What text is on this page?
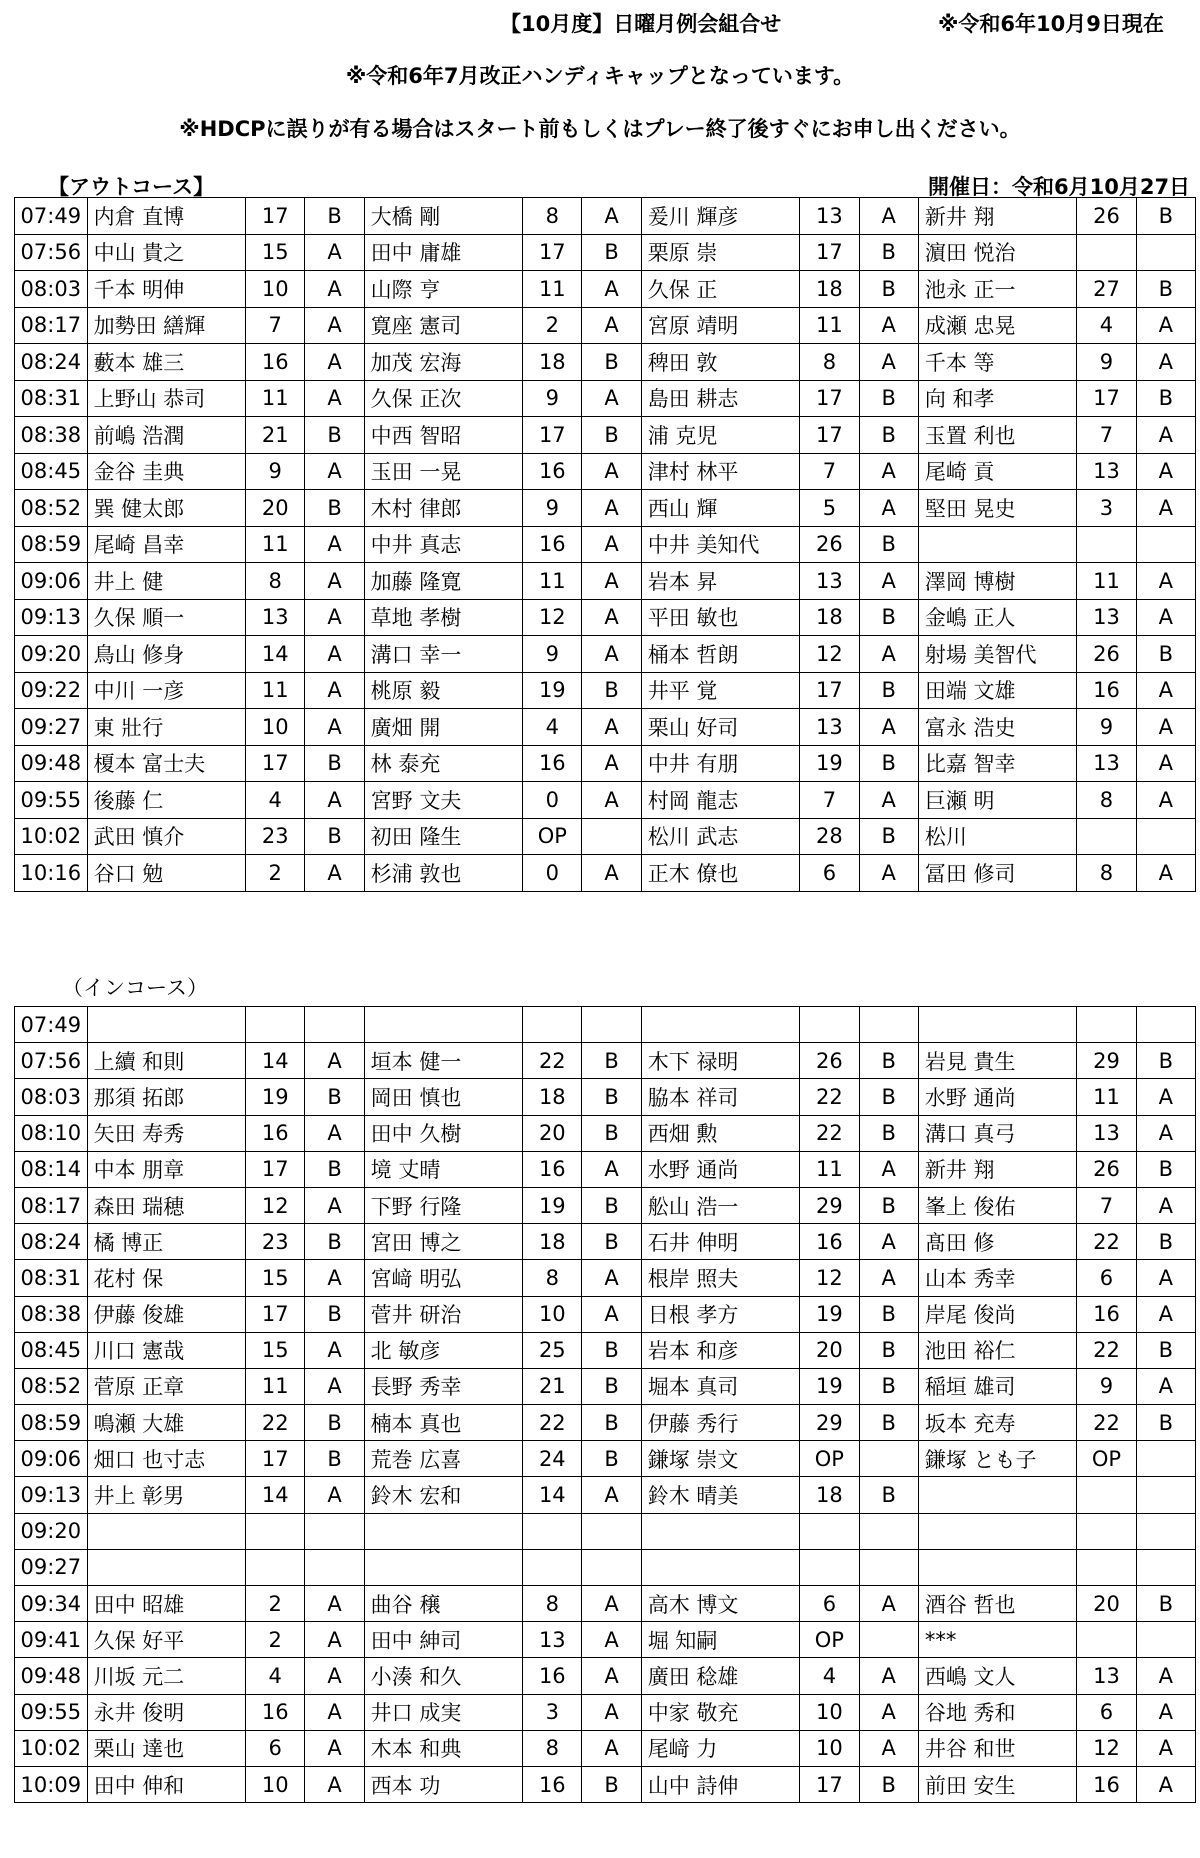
【10月度】日曜月例会組合せ	※令和6年10月9日現在
※令和6年7月改正ハンディキャップとなっています。
※HDCPに誤りが有る場合はスタート前もしくはプレー終了後すぐにお申し出ください。
【アウトコース】	開催日：令和6月10月27日
07:49	内倉 直博	17	B	大橋 剛	8	A	爰川 輝彦	13	A	新井 翔	26	B
07:56	中山 貴之	15	A	田中 庸雄	17	B	栗原 崇	17	B	濵田 悦治		
08:03	千本 明伸	10	A	山際 亨	11	A	久保 正	18	B	池永 正一	27	B
08:17	加勢田 繕輝	7	A	寛座 憲司	2	A	宮原 靖明	11	A	成瀬 忠晃	4	A
08:24	藪本 雄三	16	A	加茂 宏海	18	B	稗田 敦	8	A	千本 等	9	A
08:31	上野山 恭司	11	A	久保 正次	9	A	島田 耕志	17	B	向 和孝	17	B
08:38	前嶋 浩潤	21	B	中西 智昭	17	B	浦 克児	17	B	玉置 利也	7	A
08:45	金谷 圭典	9	A	玉田 一晃	16	A	津村 林平	7	A	尾崎 貢	13	A
08:52	巽 健太郎	20	B	木村 律郎	9	A	西山 輝	5	A	堅田 晃史	3	A
08:59	尾崎 昌幸	11	A	中井 真志	16	A	中井 美知代	26	B			
09:06	井上 健	8	A	加藤 隆寛	11	A	岩本 昇	13	A	澤岡 博樹	11	A
09:13	久保 順一	13	A	草地 孝樹	12	A	平田 敏也	18	B	金嶋 正人	13	A
09:20	鳥山 修身	14	A	溝口 幸一	9	A	桶本 哲朗	12	A	射場 美智代	26	B
09:22	中川 一彦	11	A	桃原 毅	19	B	井平 覚	17	B	田端 文雄	16	A
09:27	東 壯行	10	A	廣畑 開	4	A	栗山 好司	13	A	富永 浩史	9	A
09:48	榎本 富士夫	17	B	林 泰充	16	A	中井 有朋	19	B	比嘉 智幸	13	A
09:55	後藤 仁	4	A	宮野 文夫	0	A	村岡 龍志	7	A	巨瀬 明	8	A
10:02	武田 慎介	23	B	初田 隆生	OP		松川 武志	28	B	松川		
10:16	谷口 勉	2	A	杉浦 敦也	0	A	正木 僚也	6	A	冨田 修司	8	A
（インコース）
07:49												
07:56	上續 和則	14	A	垣本 健一	22	B	木下 禄明	26	B	岩見 貴生	29	B
08:03	那須 拓郎	19	B	岡田 慎也	18	B	脇本 祥司	22	B	水野 通尚	11	A
08:10	矢田 寿秀	16	A	田中 久樹	20	B	西畑 勲	22	B	溝口 真弓	13	A
08:14	中本 朋章	17	B	境 丈晴	16	A	水野 通尚	11	A	新井 翔	26	B
08:17	森田 瑞穂	12	A	下野 行隆	19	B	舩山 浩一	29	B	峯上 俊佑	7	A
08:24	橘 博正	23	B	宮田 博之	18	B	石井 伸明	16	A	髙田 修	22	B
08:31	花村 保	15	A	宮﨑 明弘	8	A	根岸 照夫	12	A	山本 秀幸	6	A
08:38	伊藤 俊雄	17	B	菅井 研治	10	A	日根 孝方	19	B	岸尾 俊尚	16	A
08:45	川口 憲哉	15	A	北 敏彦	25	B	岩本 和彦	20	B	池田 裕仁	22	B
08:52	菅原 正章	11	A	長野 秀幸	21	B	堀本 真司	19	B	稲垣 雄司	9	A
08:59	鳴瀬 大雄	22	B	楠本 真也	22	B	伊藤 秀行	29	B	坂本 充寿	22	B
09:06	畑口 也寸志	17	B	荒巻 広喜	24	B	鎌塚 崇文	OP		鎌塚 とも子	OP	
09:13	井上 彰男	14	A	鈴木 宏和	14	A	鈴木 晴美	18	B			
09:20												
09:27												
09:34	田中 昭雄	2	A	曲谷 穣	8	A	高木 博文	6	A	酒谷 哲也	20	B
09:41	久保 好平	2	A	田中 紳司	13	A	堀 知嗣	OP		***		
09:48	川坂 元二	4	A	小湊 和久	16	A	廣田 稔雄	4	A	西嶋 文人	13	A
09:55	永井 俊明	16	A	井口 成実	3	A	中家 敬充	10	A	谷地 秀和	6	A
10:02	栗山 達也	6	A	木本 和典	8	A	尾﨑 力	10	A	井谷 和世	12	A
10:09	田中 伸和	10	A	西本 功	16	B	山中 詩伸	17	B	前田 安生	16	A
